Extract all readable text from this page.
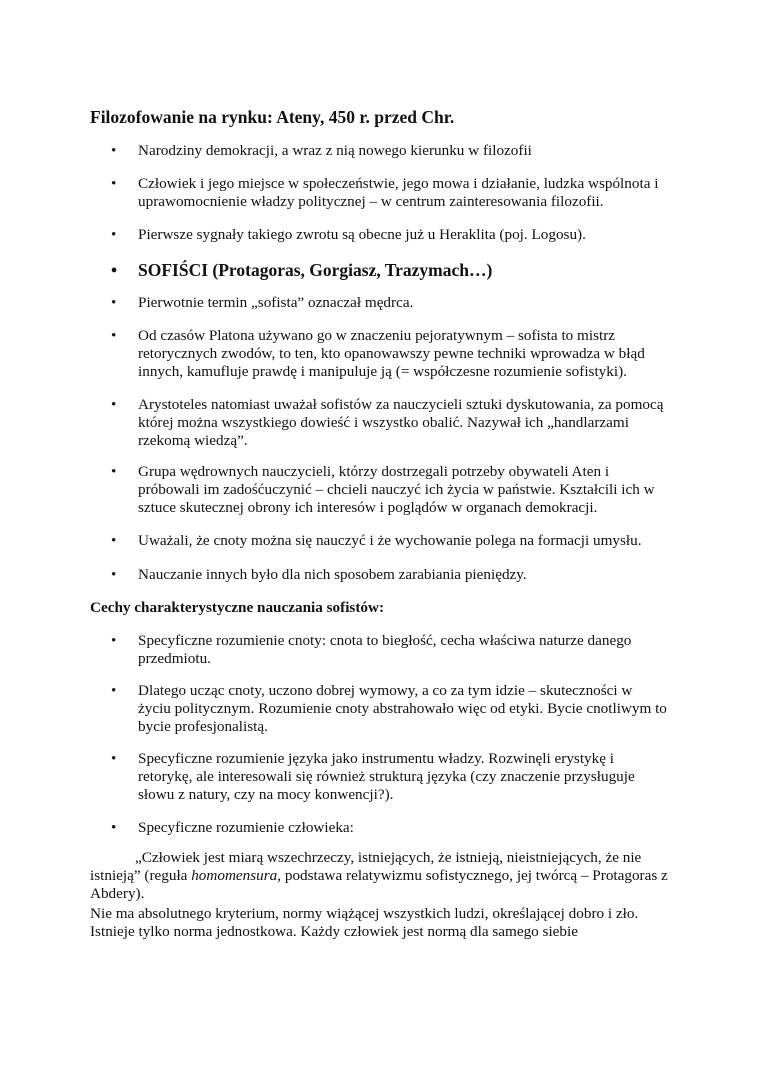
Filozofowanie na rynku: Ateny, 450 r. przed Chr.
•	Narodziny demokracji, a wraz z nią nowego kierunku w filozofii
•	Człowiek i jego miejsce w społeczeństwie, jego mowa i działanie, ludzka wspólnota i uprawomocnienie władzy politycznej – w centrum zainteresowania filozofii.
•	Pierwsze sygnały takiego zwrotu są obecne już u Heraklita (poj. Logosu).
•	SOFIŚCI (Protagoras, Gorgiasz, Trazymach…)
•	Pierwotnie termin „sofista” oznaczał mędrca.
•	Od czasów Platona używano go w znaczeniu pejoratywnym – sofista to mistrz retorycznych zwodów, to ten, kto opanowawszy pewne techniki wprowadza w błąd innych, kamufluje prawdę i manipuluje ją (= współczesne rozumienie sofistyki).
•	Arystoteles natomiast uważał sofistów za nauczycieli sztuki dyskutowania, za pomocą której można wszystkiego dowieść i wszystko obalić. Nazywał ich „handlarzami rzekomą wiedzą”.
•	Grupa wędrownych nauczycieli, którzy dostrzegali potrzeby obywateli Aten i próbowali im zadośćuczynić – chcieli nauczyć ich życia w państwie. Kształcili ich w sztuce skutecznej obrony ich interesów i poglądów w organach demokracji.
•	Uważali, że cnoty można się nauczyć i że wychowanie polega na formacji umysłu.
•	Nauczanie innych było dla nich sposobem zarabiania pieniędzy.
Cechy charakterystyczne nauczania sofistów:
•	Specyficzne rozumienie cnoty: cnota to biegłość, cecha właściwa naturze danego przedmiotu.
•	Dlatego ucząc cnoty, uczono dobrej wymowy, a co za tym idzie – skuteczności w życiu politycznym. Rozumienie cnoty abstrahowało więc od etyki. Bycie cnotliwym to bycie profesjonalistą.
•	Specyficzne rozumienie języka jako instrumentu władzy. Rozwinęli erystykę i retorykę, ale interesowali się również strukturą języka (czy znaczenie przysługuje słowu z natury, czy na mocy konwencji?).
•	Specyficzne rozumienie człowieka:
„Człowiek jest miarą wszechrzeczy, istniejących, że istnieją, nieistniejących, że nie
istnieją” (reguła homomensura, podstawa relatywizmu sofistycznego, jej twórcą – Protagoras z Abdery).
Nie ma absolutnego kryterium, normy wiążącej wszystkich ludzi, określającej dobro i zło.
Istnieje tylko norma jednostkowa. Każdy człowiek jest normą dla samego siebie
